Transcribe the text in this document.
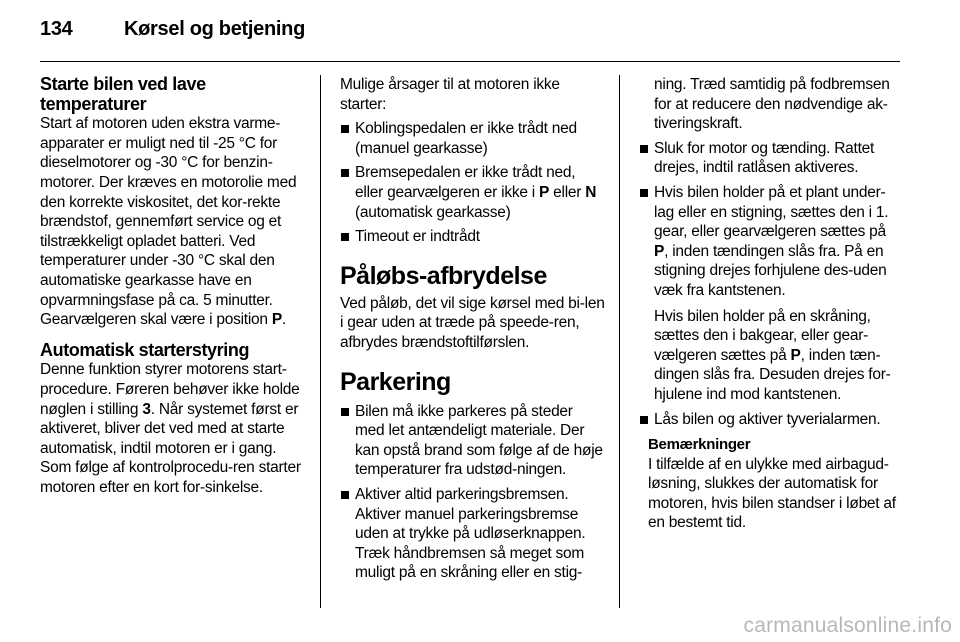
134	Kørsel og betjening
Starte bilen ved lave temperaturer

Start af motoren uden ekstra varme-apparater er muligt ned til -25 °C for dieselmotorer og -30 °C for benzin-motorer. Der kræves en motorolie med den korrekte viskositet, det kor-rekte brændstof, gennemført service og et tilstrækkeligt opladet batteri. Ved temperaturer under -30 °C skal den automatiske gearkasse have en opvarmningsfase på ca. 5 minutter. Gearvælgeren skal være i position P.

Automatisk starterstyring

Denne funktion styrer motorens start-procedure. Føreren behøver ikke holde nøglen i stilling 3. Når systemet først er aktiveret, bliver det ved med at starte automatisk, indtil motoren er i gang. Som følge af kontrolprocedu-ren starter motoren efter en kort for-sinkelse.

Mulige årsager til at motoren ikke starter:

Koblingspedalen er ikke trådt ned (manuel gearkasse)
Bremsepedalen er ikke trådt ned, eller gearvælgeren er ikke i P eller N (automatisk gearkasse)
Timeout er indtrådt
Påløbs-afbrydelse

Ved påløb, det vil sige kørsel med bi-len i gear uden at træde på speede-ren, afbrydes brændstoftilførslen.

Parkering
Bilen må ikke parkeres på steder med let antændeligt materiale. Der kan opstå brand som følge af de høje temperaturer fra udstød-ningen.
Aktiver altid parkeringsbremsen. Aktiver manuel parkeringsbremse uden at trykke på udløserknappen. Træk håndbremsen så meget som muligt på en skråning eller en stig-

ning. Træd samtidig på fodbremsen for at reducere den nødvendige ak-tiveringskraft.

Sluk for motor og tænding. Rattet drejes, indtil ratlåsen aktiveres.
Hvis bilen holder på et plant under-lag eller en stigning, sættes den i 1. gear, eller gearvælgeren sættes på P, inden tændingen slås fra. På en stigning drejes forhjulene des-uden væk fra kantstenen.
Hvis bilen holder på en skråning, sættes den i bakgear, eller gear-vælgeren sættes på P, inden tæn-dingen slås fra. Desuden drejes for-hjulene ind mod kantstenen.
Lås bilen og aktiver tyverialarmen.
Bemærkninger
I tilfælde af en ulykke med airbagud-løsning, slukkes der automatisk for motoren, hvis bilen standser i løbet af en bestemt tid.
carmanualsonline.info
